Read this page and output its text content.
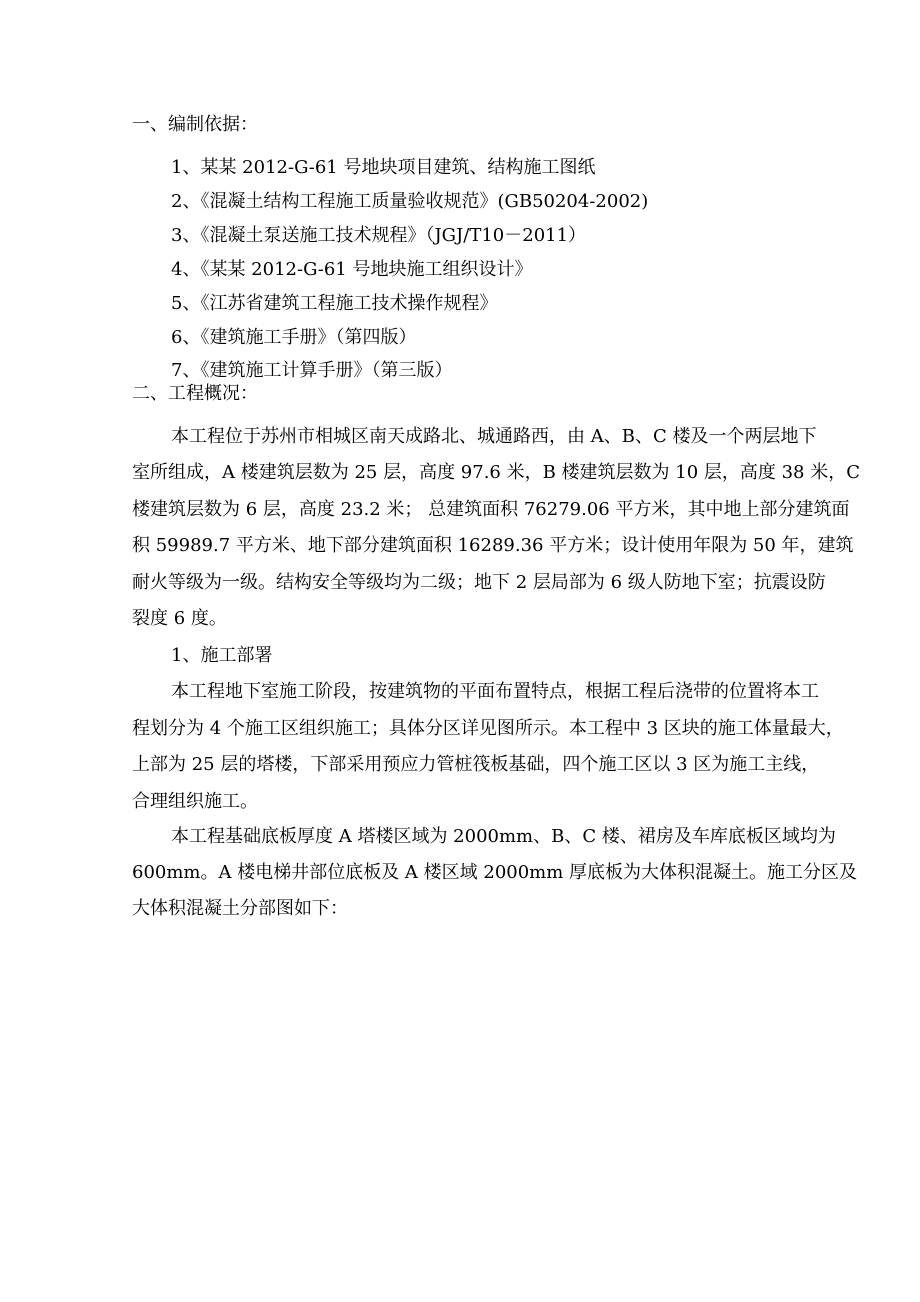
一、编制依据：
1、某某 2012-G-61 号地块项目建筑、结构施工图纸
2、《混凝土结构工程施工质量验收规范》(GB50204-2002)
3、《混凝土泵送施工技术规程》（JGJ/T10－2011）
4、《某某 2012-G-61 号地块施工组织设计》
5、《江苏省建筑工程施工技术操作规程》
6、《建筑施工手册》（第四版）
7、《建筑施工计算手册》（第三版）
二、工程概况：
本工程位于苏州市相城区南天成路北、城通路西，由 A、B、C 楼及一个两层地下
室所组成，A 楼建筑层数为 25 层，高度 97.6 米，B 楼建筑层数为 10 层，高度 38 米，C
楼建筑层数为 6 层，高度 23.2 米； 总建筑面积 76279.06 平方米，其中地上部分建筑面
积 59989.7 平方米、地下部分建筑面积 16289.36 平方米；设计使用年限为 50 年，建筑
耐火等级为一级。结构安全等级均为二级；地下 2 层局部为 6 级人防地下室；抗震设防
裂度 6 度。
1、施工部署
本工程地下室施工阶段，按建筑物的平面布置特点，根据工程后浇带的位置将本工
程划分为 4 个施工区组织施工；具体分区详见图所示。本工程中 3 区块的施工体量最大，
上部为 25 层的塔楼，下部采用预应力管桩筏板基础，四个施工区以 3 区为施工主线，
合理组织施工。
本工程基础底板厚度 A 塔楼区域为 2000mm、B、C 楼、裙房及车库底板区域均为
600mm。A 楼电梯井部位底板及 A 楼区域 2000mm 厚底板为大体积混凝土。施工分区及
大体积混凝土分部图如下：
